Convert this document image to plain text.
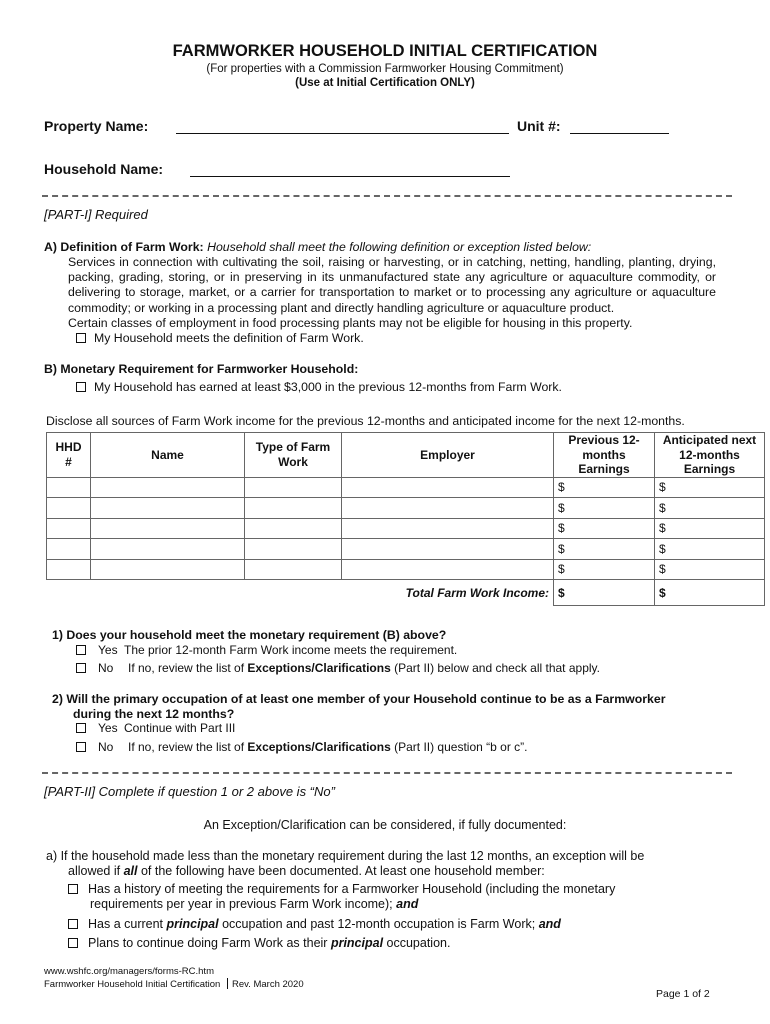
FARMWORKER HOUSEHOLD INITIAL CERTIFICATION
(For properties with a Commission Farmworker Housing Commitment)
(Use at Initial Certification ONLY)
Property Name:	Unit #:
Household Name:
[PART-I] Required
A) Definition of Farm Work: Household shall meet the following definition or exception listed below:
Services in connection with cultivating the soil, raising or harvesting, or in catching, netting, handling, planting, drying, packing, grading, storing, or in preserving in its unmanufactured state any agriculture or aquaculture commodity, or delivering to storage, market, or a carrier for transportation to market or to processing any agriculture or aquaculture commodity; or working in a processing plant and directly handling agriculture or aquaculture product.
Certain classes of employment in food processing plants may not be eligible for housing in this property.
My Household meets the definition of Farm Work.
B) Monetary Requirement for Farmworker Household:
My Household has earned at least $3,000 in the previous 12-months from Farm Work.
Disclose all sources of Farm Work income for the previous 12-months and anticipated income for the next 12-months.
HHD #	Name	Type of Farm Work	Employer	Previous 12-months Earnings	Anticipated next 12-months Earnings
				$	$
				$	$
				$	$
				$	$
				$	$
Total Farm Work Income:				$	$
1) Does your household meet the monetary requirement (B) above?
Yes The prior 12-month Farm Work income meets the requirement.
No If no, review the list of Exceptions/Clarifications (Part II) below and check all that apply.
2) Will the primary occupation of at least one member of your Household continue to be as a Farmworker
during the next 12 months?
Yes Continue with Part III
No If no, review the list of Exceptions/Clarifications (Part II) question “b or c”.
[PART-II] Complete if question 1 or 2 above is “No”
An Exception/Clarification can be considered, if fully documented:
a) If the household made less than the monetary requirement during the last 12 months, an exception will be
allowed if all of the following have been documented. At least one household member:
Has a history of meeting the requirements for a Farmworker Household (including the monetary
requirements per year in previous Farm Work income); and
Has a current principal occupation and past 12-month occupation is Farm Work; and
Plans to continue doing Farm Work as their principal occupation.
www.wshfc.org/managers/forms-RC.htm
Farmworker Household Initial Certification Rev. March 2020
Page 1 of 2
